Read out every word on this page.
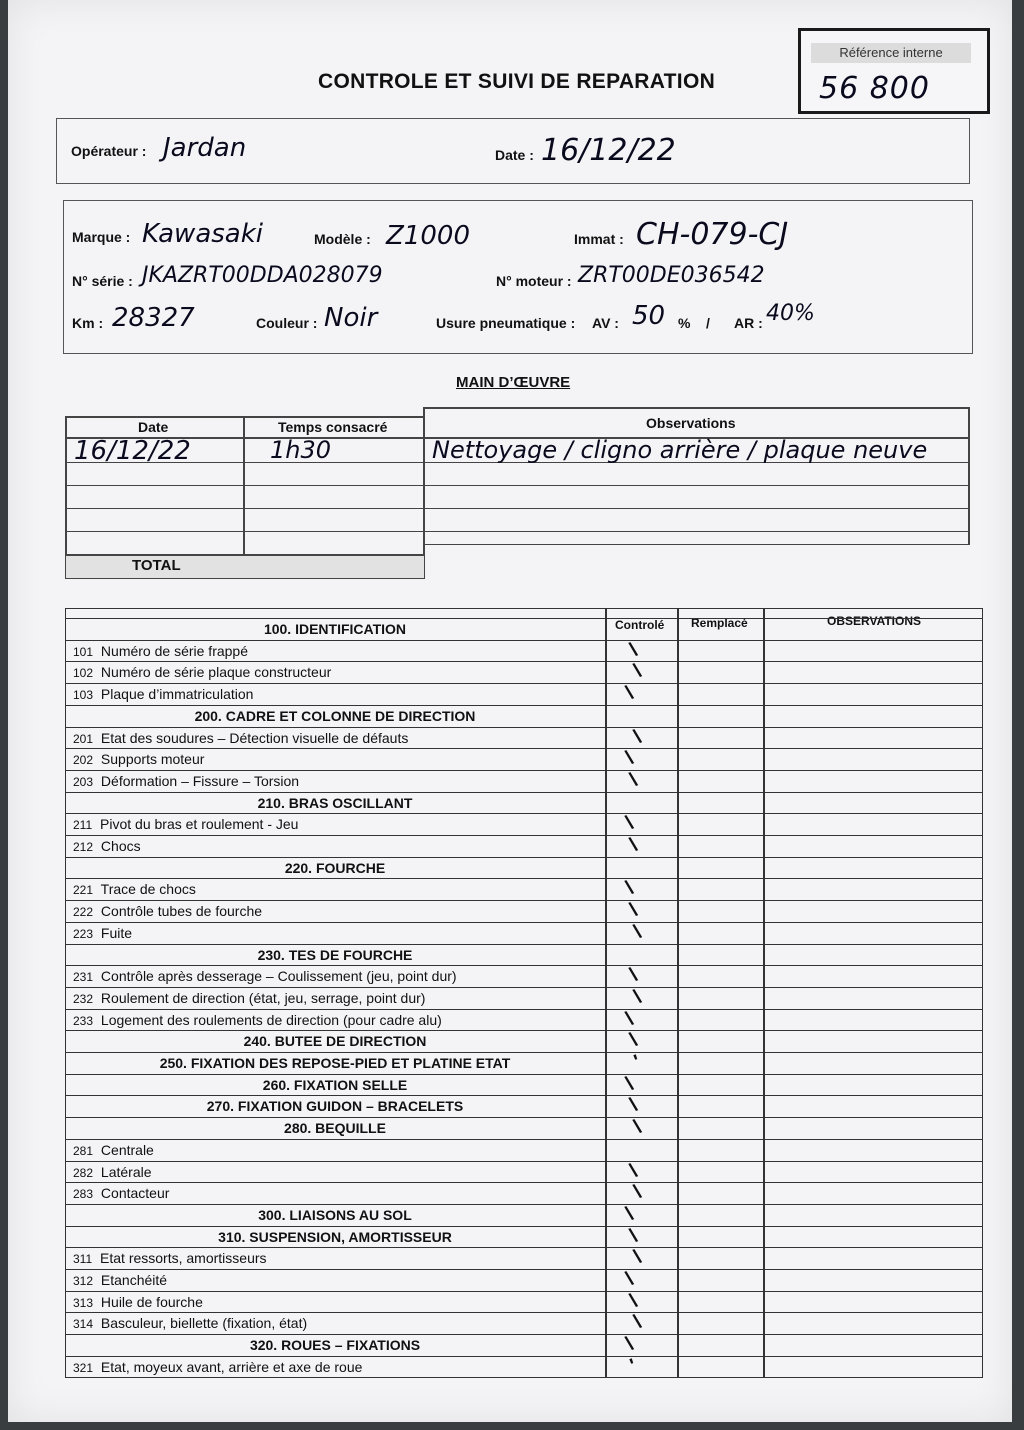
Référence interne
56 800
CONTROLE ET SUIVI DE REPARATION
Opérateur : Jardan	Date : 16/12/22
Marque : Kawasaki	Modèle : Z1000	Immat : CH-079-CJ
N° série : JKAZRT00DDA028079	N° moteur : ZRT00DE036542
Km : 28327	Couleur : Noir	Usure pneumatique : AV : 50 % / AR : 40%
MAIN D’ŒUVRE
Date	Temps consacré	Observations
16/12/22	1h30	Nettoyage / cligno arrière / plaque neuve
TOTAL
Controlé Remplacé	OBSERVATIONS
100. IDENTIFICATION
101 Numéro de série frappé	\
102 Numéro de série plaque constructeur	\
103 Plaque d’immatriculation	\
200. CADRE ET COLONNE DE DIRECTION
201 Etat des soudures – Détection visuelle de défauts	\
202 Supports moteur	\
203 Déformation – Fissure – Torsion	\
210. BRAS OSCILLANT
211 Pivot du bras et roulement - Jeu	\
212 Chocs	\
220. FOURCHE
221 Trace de chocs	\
222 Contrôle tubes de fourche	\
223 Fuite	\
230. TES DE FOURCHE
231 Contrôle après desserage – Coulissement (jeu, point dur)	\
232 Roulement de direction (état, jeu, serrage, point dur)	\
233 Logement des roulements de direction (pour cadre alu)	\
240. BUTEE DE DIRECTION	\
250. FIXATION DES REPOSE-PIED ET PLATINE ETAT	'
260. FIXATION SELLE	\
270. FIXATION GUIDON – BRACELETS	\
280. BEQUILLE	\
281 Centrale
282 Latérale	\
283 Contacteur	\
300. LIAISONS AU SOL	\
310. SUSPENSION, AMORTISSEUR	\
311 Etat ressorts, amortisseurs	\
312 Etanchéité	\
313 Huile de fourche	\
314 Basculeur, biellette (fixation, état)	\
320. ROUES – FIXATIONS	\
321 Etat, moyeux avant, arrière et axe de roue	'
